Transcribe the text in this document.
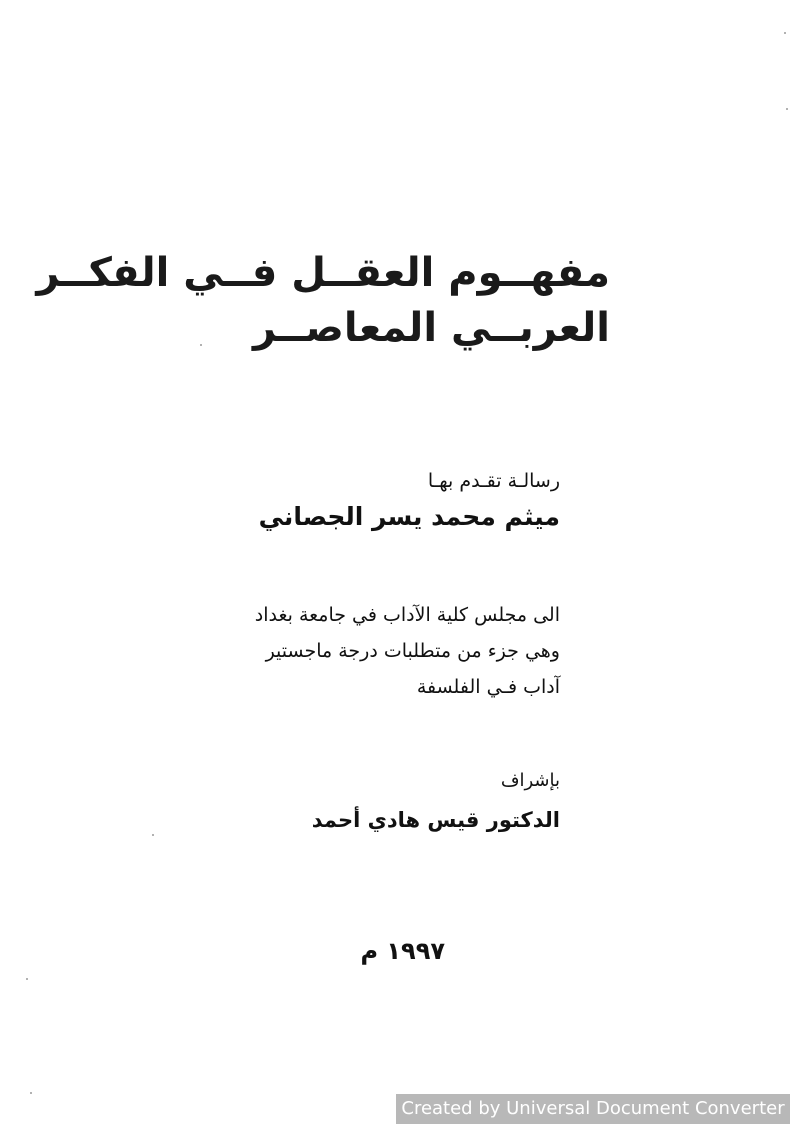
مفهــوم العقــل فــي الفكــر
العربــي المعاصــر
رسالـة تقـدم بهـا
ميثم محمد يسر الجصاني
الى مجلس كلية الآداب في جامعة بغداد
وهي جزء من متطلبات درجة ماجستير
آداب فـي الفلسفة
بإشراف
الدكتور قيس هادي أحمد
١٩٩٧ م
Created by Universal Document Converter
